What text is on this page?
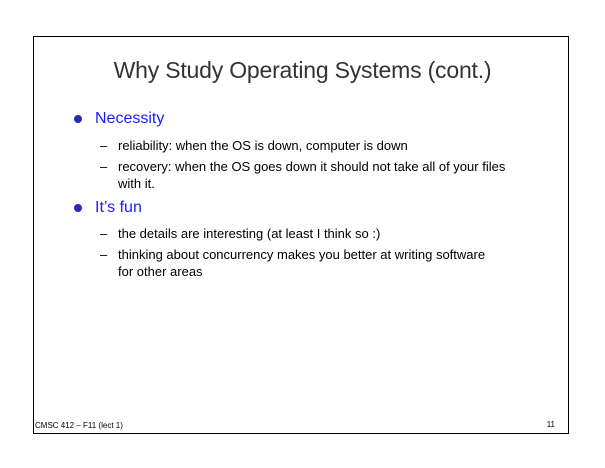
Why Study Operating Systems (cont.)
Necessity
– reliability: when the OS is down, computer is down
– recovery: when the OS goes down it should not take all of your files with it.
It’s fun
– the details are interesting (at least I think so :)
– thinking about concurrency makes you better at writing software for other areas
CMSC 412 – F11 (lect 1)	11
